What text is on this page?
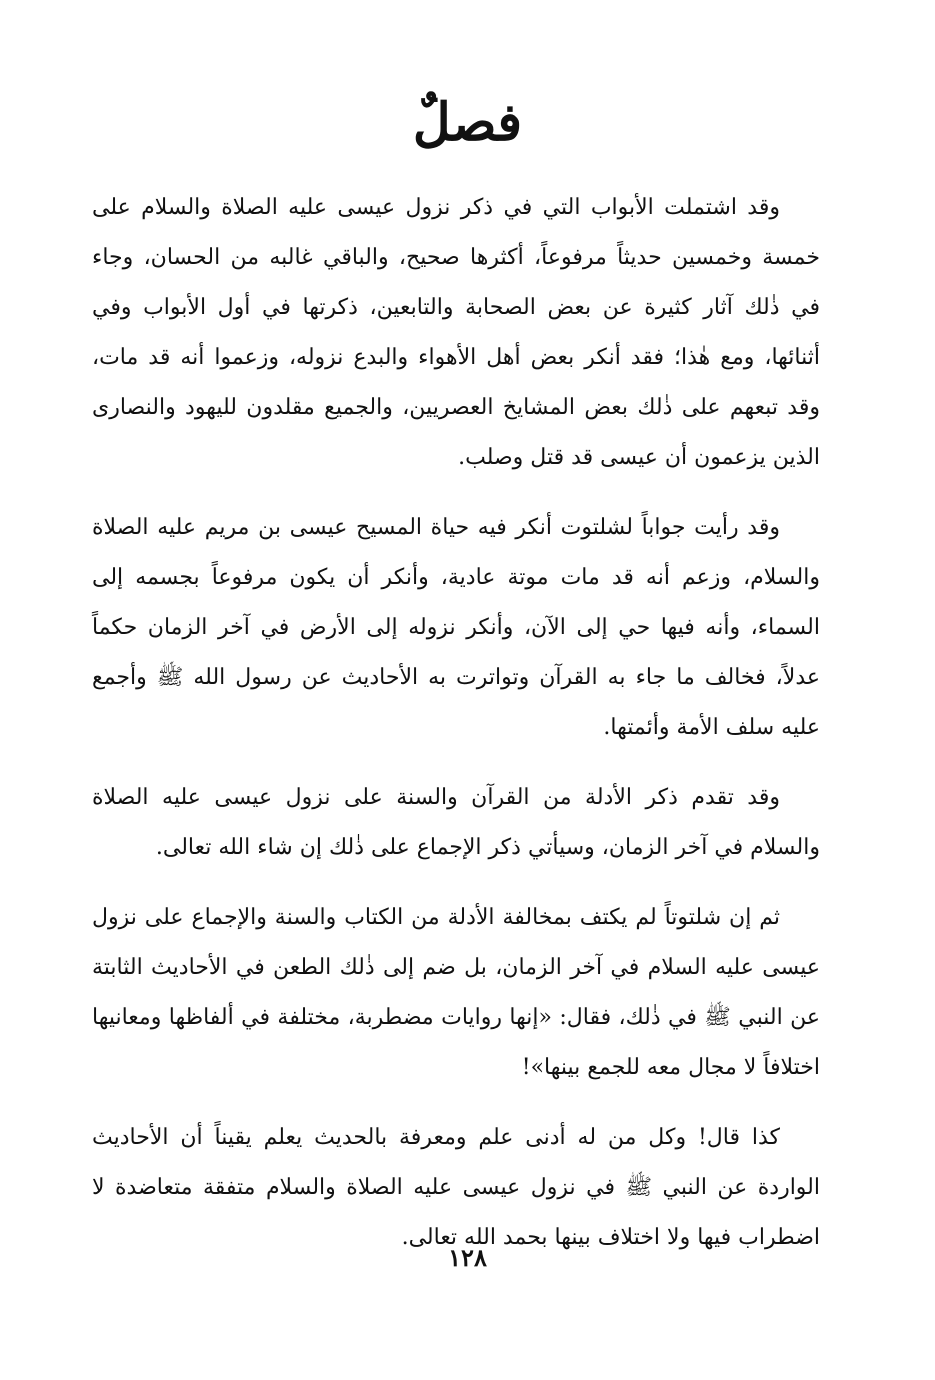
فصلٌ

وقد اشتملت الأبواب التي في ذكر نزول عيسى عليه الصلاة والسلام على خمسة وخمسين حديثاً مرفوعاً، أكثرها صحيح، والباقي غالبه من الحسان، وجاء في ذٰلك آثار كثيرة عن بعض الصحابة والتابعين، ذكرتها في أول الأبواب وفي أثنائها، ومع هٰذا؛ فقد أنكر بعض أهل الأهواء والبدع نزوله، وزعموا أنه قد مات، وقد تبعهم على ذٰلك بعض المشايخ العصريين، والجميع مقلدون لليهود والنصارى الذين يزعمون أن عيسى قد قتل وصلب.

وقد رأيت جواباً لشلتوت أنكر فيه حياة المسيح عيسى بن مريم عليه الصلاة والسلام، وزعم أنه قد مات موتة عادية، وأنكر أن يكون مرفوعاً بجسمه إلى السماء، وأنه فيها حي إلى الآن، وأنكر نزوله إلى الأرض في آخر الزمان حكماً عدلاً، فخالف ما جاء به القرآن وتواترت به الأحاديث عن رسول الله ﷺ وأجمع عليه سلف الأمة وأئمتها.

وقد تقدم ذكر الأدلة من القرآن والسنة على نزول عيسى عليه الصلاة والسلام في آخر الزمان، وسيأتي ذكر الإجماع على ذٰلك إن شاء الله تعالى.

ثم إن شلتوتاً لم يكتف بمخالفة الأدلة من الكتاب والسنة والإجماع على نزول عيسى عليه السلام في آخر الزمان، بل ضم إلى ذٰلك الطعن في الأحاديث الثابتة عن النبي ﷺ في ذٰلك، فقال: «إنها روايات مضطربة، مختلفة في ألفاظها ومعانيها اختلافاً لا مجال معه للجمع بينها»!

كذا قال! وكل من له أدنى علم ومعرفة بالحديث يعلم يقيناً أن الأحاديث الواردة عن النبي ﷺ في نزول عيسى عليه الصلاة والسلام متفقة متعاضدة لا اضطراب فيها ولا اختلاف بينها بحمد الله تعالى.

١٢٨
